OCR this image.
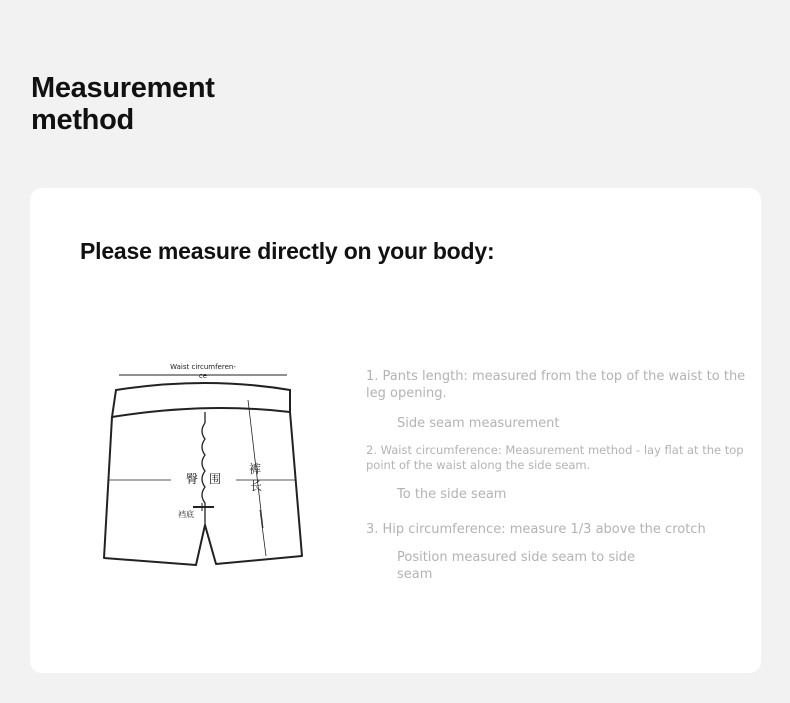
Measurement method
Please measure directly on your body:
Waist circumferen-
ce
臀 围
裤
长
裆底
1. Pants length: measured from the top of the waist to the leg opening.
Side seam measurement
2. Waist circumference: Measurement method - lay flat at the top point of the waist along the side seam.
To the side seam
3. Hip circumference: measure 1/3 above the crotch
Position measured side seam to side seam
